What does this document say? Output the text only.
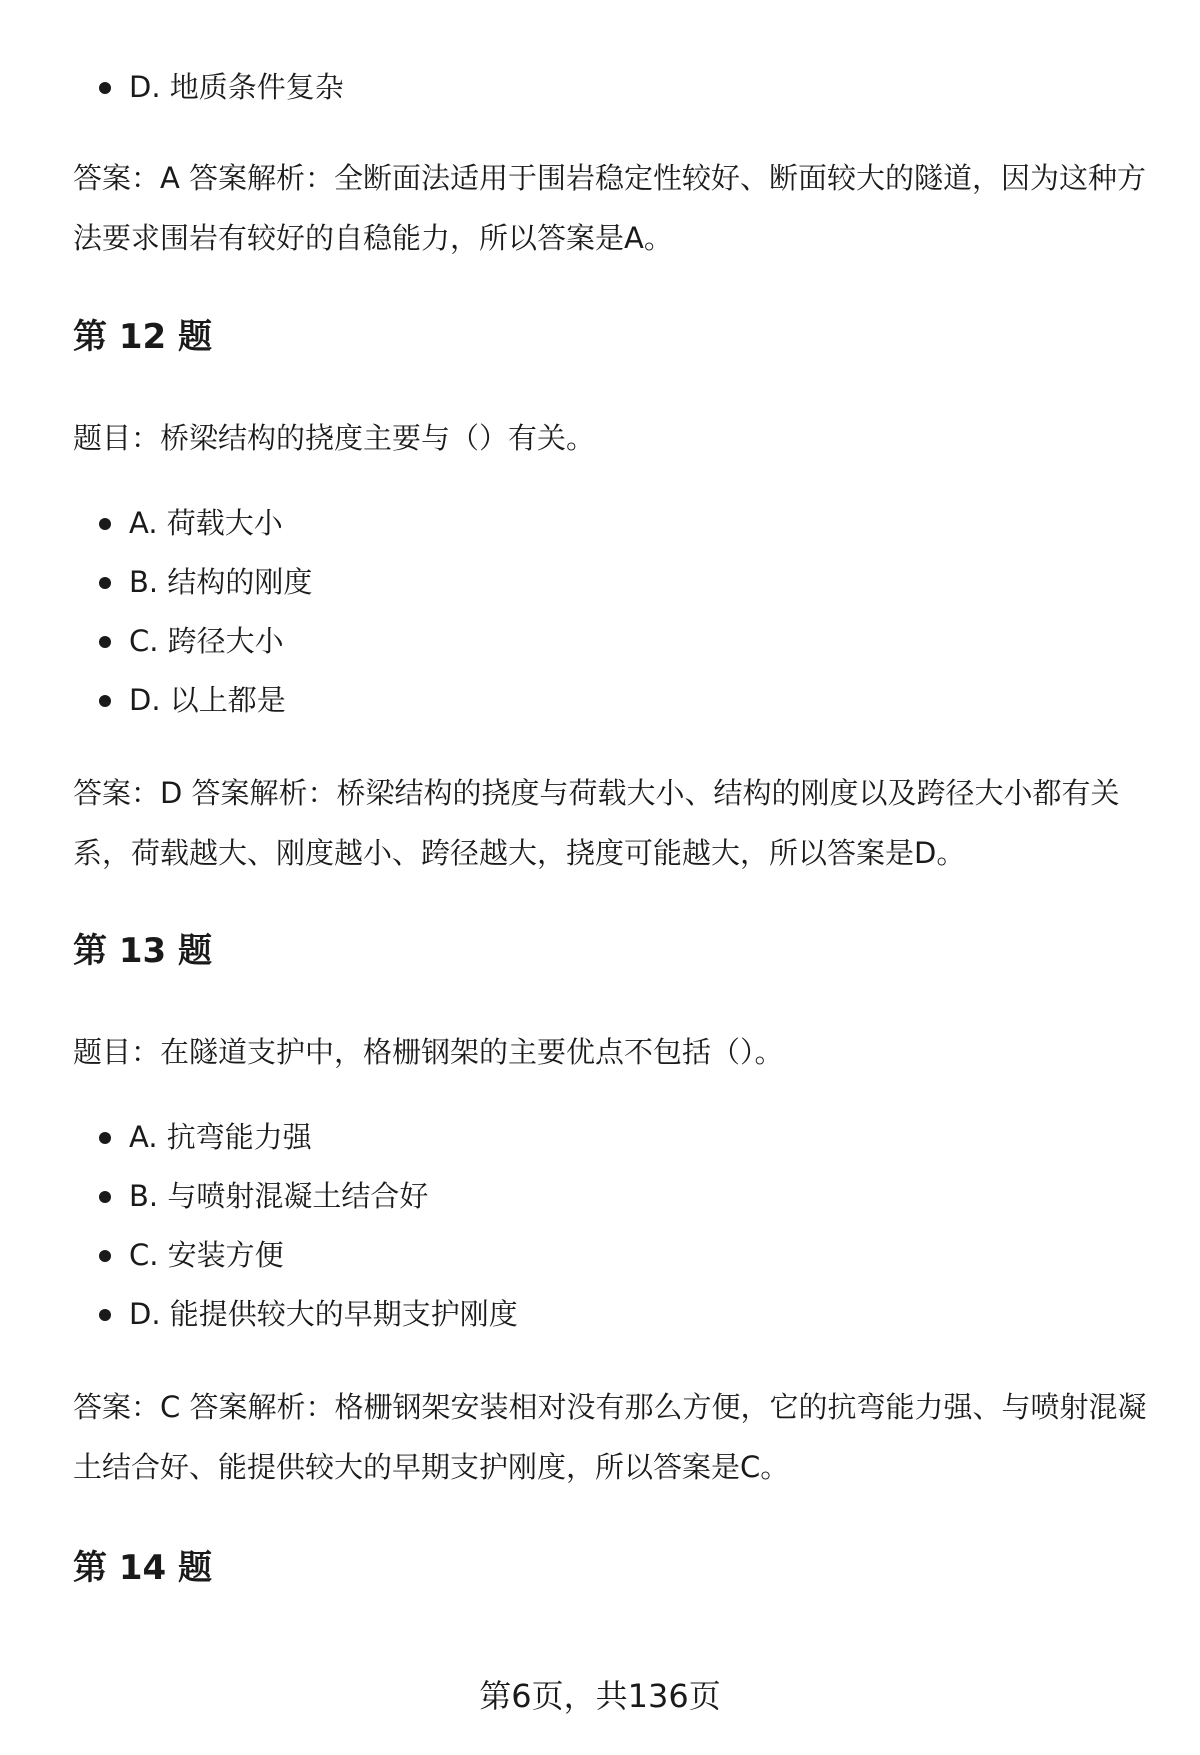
D. 地质条件复杂

答案：A 答案解析：全断面法适用于围岩稳定性较好、断面较大的隧道，因为这种方法要求围岩有较好的自稳能力，所以答案是A。

第 12 题

题目：桥梁结构的挠度主要与（）有关。

A. 荷载大小
B. 结构的刚度
C. 跨径大小
D. 以上都是

答案：D 答案解析：桥梁结构的挠度与荷载大小、结构的刚度以及跨径大小都有关系，荷载越大、刚度越小、跨径越大，挠度可能越大，所以答案是D。

第 13 题

题目：在隧道支护中，格栅钢架的主要优点不包括（）。

A. 抗弯能力强
B. 与喷射混凝土结合好
C. 安装方便
D. 能提供较大的早期支护刚度

答案：C 答案解析：格栅钢架安装相对没有那么方便，它的抗弯能力强、与喷射混凝土结合好、能提供较大的早期支护刚度，所以答案是C。

第 14 题
第6页，共136页
